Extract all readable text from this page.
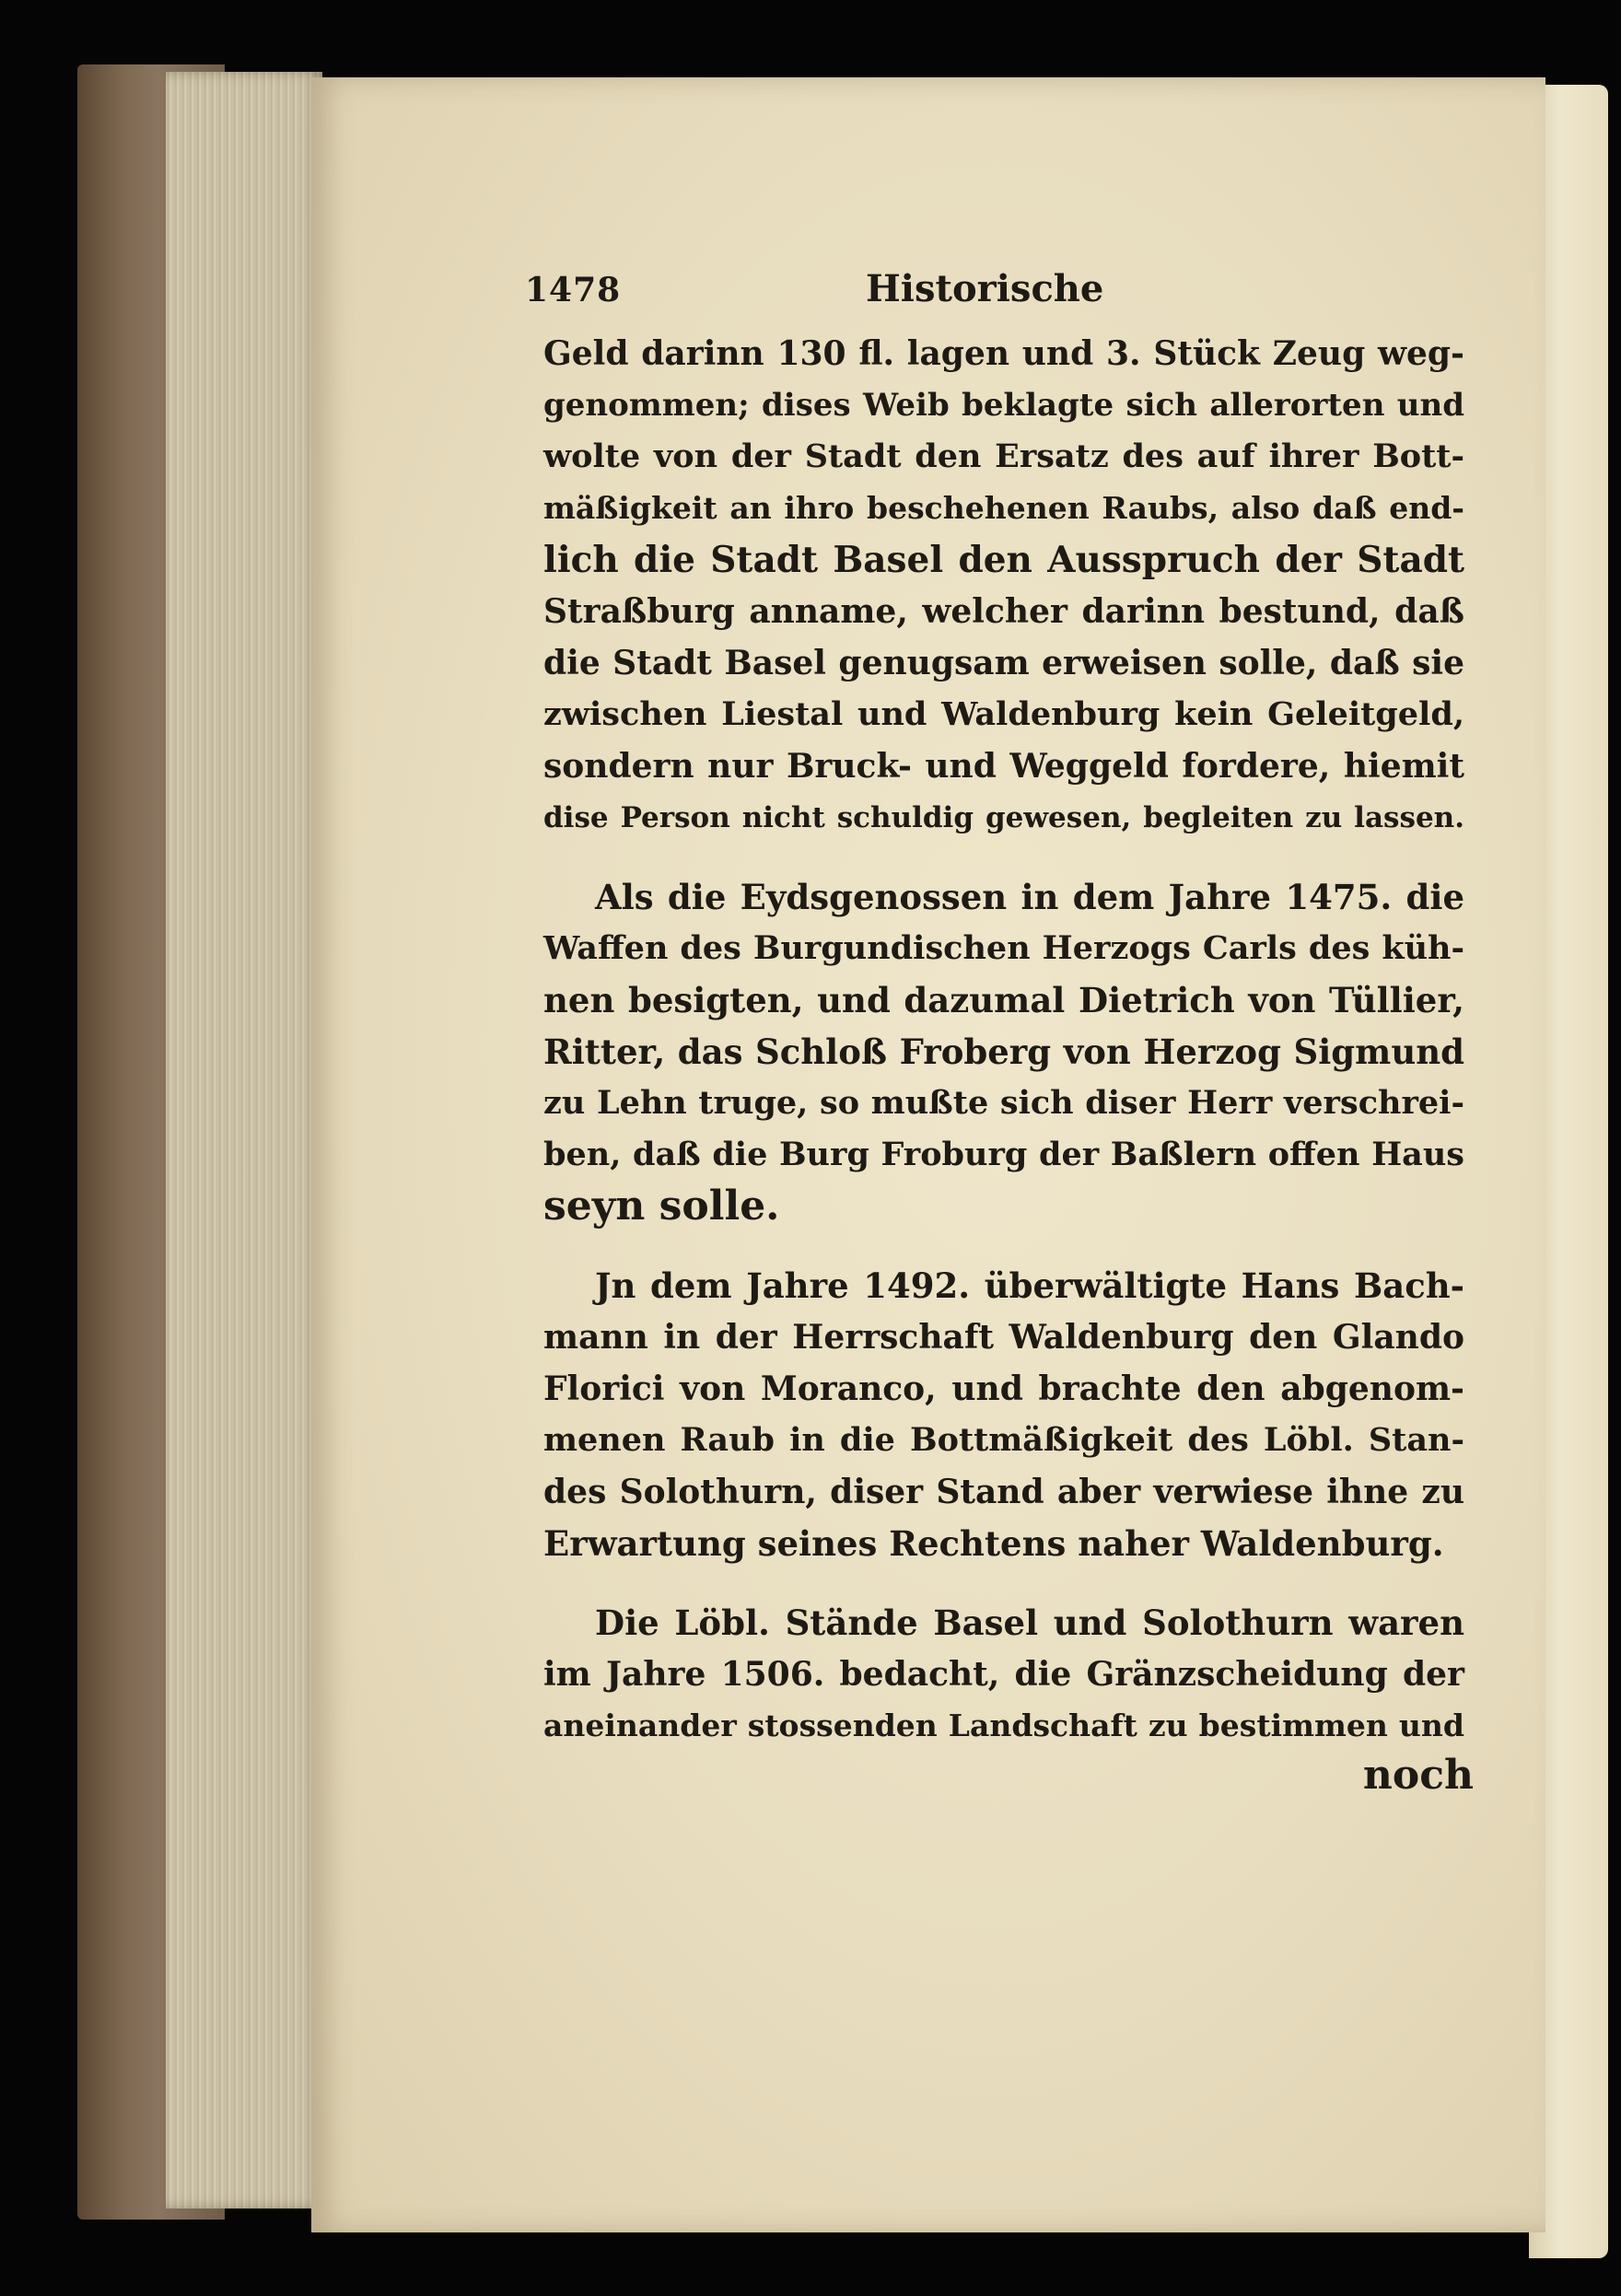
1478	Historische

Geld darinn 130 fl. lagen und 3. Stück Zeug weg-
genommen; dises Weib beklagte sich allerorten und
wolte von der Stadt den Ersatz des auf ihrer Bott-
mäßigkeit an ihro beschehenen Raubs, also daß end-
lich die Stadt Basel den Ausspruch der Stadt
Straßburg anname, welcher darinn bestund, daß
die Stadt Basel genugsam erweisen solle, daß sie
zwischen Liestal und Waldenburg kein Geleitgeld,
sondern nur Bruck- und Weggeld fordere, hiemit
dise Person nicht schuldig gewesen, begleiten zu lassen.

Als die Eydsgenossen in dem Jahre 1475. die
Waffen des Burgundischen Herzogs Carls des küh-
nen besigten, und dazumal Dietrich von Tüllier,
Ritter, das Schloß Froberg von Herzog Sigmund
zu Lehn truge, so mußte sich diser Herr verschrei-
ben, daß die Burg Froburg der Baßlern offen Haus
seyn solle.

Jn dem Jahre 1492. überwältigte Hans Bach-
mann in der Herrschaft Waldenburg den Glando
Florici von Moranco, und brachte den abgenom-
menen Raub in die Bottmäßigkeit des Löbl. Stan-
des Solothurn, diser Stand aber verwiese ihne zu
Erwartung seines Rechtens naher Waldenburg.

Die Löbl. Stände Basel und Solothurn waren
im Jahre 1506. bedacht, die Gränzscheidung der
aneinander stossenden Landschaft zu bestimmen und

noch
